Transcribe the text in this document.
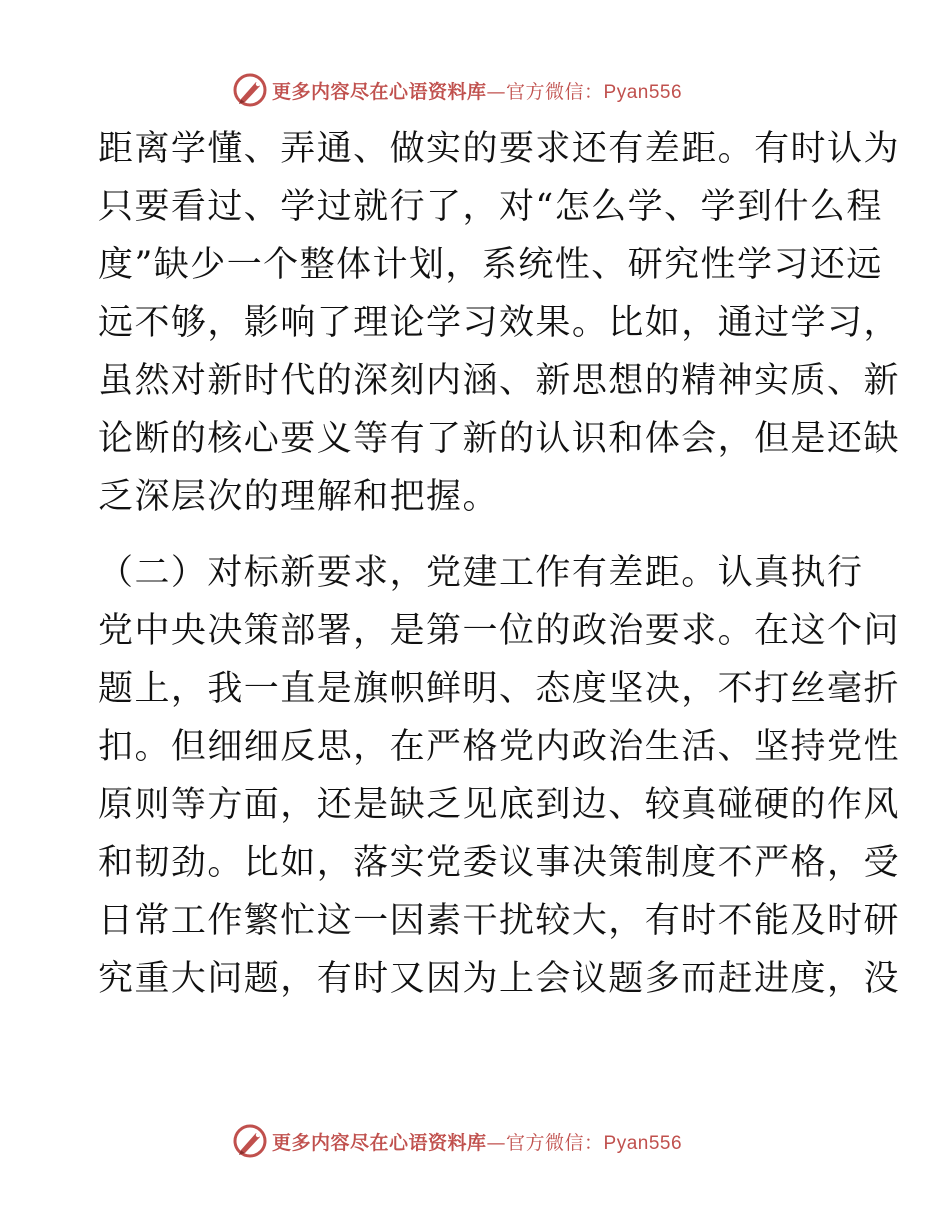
更多内容尽在心语资料库—官方微信：Pyan556
距离学懂、弄通、做实的要求还有差距。有时认为
只要看过、学过就行了，对“怎么学、学到什么程
度”缺少一个整体计划，系统性、研究性学习还远
远不够，影响了理论学习效果。比如，通过学习，
虽然对新时代的深刻内涵、新思想的精神实质、新
论断的核心要义等有了新的认识和体会，但是还缺
乏深层次的理解和把握。
（二）对标新要求，党建工作有差距。认真执行
党中央决策部署，是第一位的政治要求。在这个问
题上，我一直是旗帜鲜明、态度坚决，不打丝毫折
扣。但细细反思，在严格党内政治生活、坚持党性
原则等方面，还是缺乏见底到边、较真碰硬的作风
和韧劲。比如，落实党委议事决策制度不严格，受
日常工作繁忙这一因素干扰较大，有时不能及时研
究重大问题，有时又因为上会议题多而赶进度，没
更多内容尽在心语资料库—官方微信：Pyan556
